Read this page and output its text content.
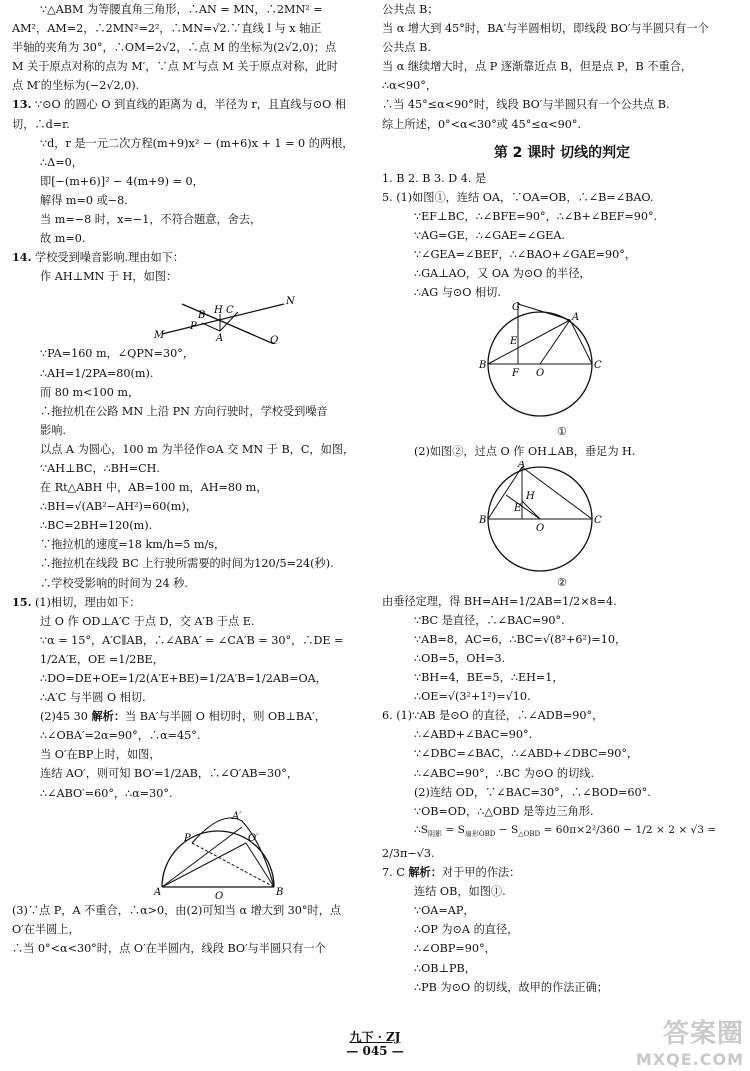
∵△ABM 为等腰直角三角形，∴AN = MN，∴2MN² =
AM²，AM=2，∴2MN²=2²，∴MN=√2.∵直线 l 与 x 轴正
半轴的夹角为 30°，∴OM=2√2，∴点 M 的坐标为(2√2,0)；点
M 关于原点对称的点为 M′，∵点 M′与点 M 关于原点对称，此时
点 M′的坐标为(−2√2,0).
13. ∵⊙O 的圆心 O 到直线的距离为 d，半径为 r，且直线与⊙O 相
切，∴d=r.
∵d，r 是一元二次方程(m+9)x² − (m+6)x + 1 = 0 的两根，
∴Δ=0，
即[−(m+6)]² − 4(m+9) = 0，
解得 m=0 或−8.
当 m=−8 时，x=−1，不符合题意，舍去，
故 m=0.
14. 学校受到噪音影响.理由如下：
作 AH⊥MN 于 H，如图：
M
N
P
B H C
A	Q
∵PA=160 m，∠QPN=30°，
∴AH=1/2PA=80(m).
而 80 m<100 m，
∴拖拉机在公路 MN 上沿 PN 方向行驶时，学校受到噪音
影响.
以点 A 为圆心，100 m 为半径作⊙A 交 MN 于 B，C，如图，
∵AH⊥BC，∴BH=CH.
在 Rt△ABH 中，AB=100 m，AH=80 m，
∴BH=√(AB²−AH²)=60(m)，
∴BC=2BH=120(m).
∵拖拉机的速度=18 km/h=5 m/s，
∴拖拉机在线段 BC 上行驶所需要的时间为120/5=24(秒).
∴学校受影响的时间为 24 秒.
15. (1)相切，理由如下：
过 O 作 OD⊥A′C 于点 D，交 A′B 于点 E.
∵α = 15°，A′C∥AB，∴∠ABA′ = ∠CA′B = 30°，∴DE =
1/2A′E，OE =1/2BE，
∴DO=DE+OE=1/2(A′E+BE)=1/2A′B=1/2AB=OA，
∴A′C 与半圆 O 相切.
(2)45 30 解析：当 BA′与半圆 O 相切时，则 OB⊥BA′，
∴∠OBA′=2α=90°，∴α=45°.
当 O′在BP上时，如图，
连结 AO′，则可知 BO′=1/2AB，∴∠O′AB=30°，
∴∠ABO′=60°，∴α=30°.
A′
O′
P
A	O	B
(3)∵点 P，A 不重合，∴α>0，由(2)可知当 α 增大到 30°时，点
O′在半圆上，
∴当 0°<α<30°时，点 O′在半圆内，线段 BO′与半圆只有一个
公共点 B；
当 α 增大到 45°时，BA′与半圆相切，即线段 BO′与半圆只有一个
公共点 B.
当 α 继续增大时，点 P 逐渐靠近点 B，但是点 P，B 不重合，
∴α<90°，
∴当 45°≤α<90°时，线段 BO′与半圆只有一个公共点 B.
综上所述，0°<α<30°或 45°≤α<90°.
第 2 课时 切线的判定
1. B 2. B 3. D 4. 是
5. (1)如图①，连结 OA，∵OA=OB，∴∠B=∠BAO.
∵EF⊥BC，∴∠BFE=90°，∴∠B+∠BEF=90°.
∵AG=GE，∴∠GAE=∠GEA.
∵∠GEA=∠BEF，∴∠BAO+∠GAE=90°，
∴GA⊥AO，又 OA 为⊙O 的半径，
∴AG 与⊙O 相切.
G
A
E
B
F O
C
①
(2)如图②，过点 O 作 OH⊥AB，垂足为 H.
A
H
E
B
O
C
②
由垂径定理，得 BH=AH=1/2AB=1/2×8=4.
∵BC 是直径，∴∠BAC=90°.
∵AB=8，AC=6，∴BC=√(8²+6²)=10，
∴OB=5，OH=3.
∵BH=4，BE=5，∴EH=1，
∴OE=√(3²+1²)=√10.
6. (1)∵AB 是⊙O 的直径，∴∠ADB=90°，
∴∠ABD+∠BAC=90°.
∵∠DBC=∠BAC，∴∠ABD+∠DBC=90°，
∴∠ABC=90°，∴BC 为⊙O 的切线.
(2)连结 OD，∵∠BAC=30°，∴∠BOD=60°.
∵OB=OD，∴△OBD 是等边三角形.
$\therefore S_{阴影} = S_{扇形OBD} - S_{\triangle OBD} = 60\pi\times 2^2/360 - 1/2 \times 2 \times √3$ =
2/3π−√3.
7. C 解析：对于甲的作法：
连结 OB，如图①.
∵OA=AP，
∴OP 为⊙A 的直径，
∴∠OBP=90°，
∴OB⊥PB，
∴PB 为⊙O 的切线，故甲的作法正确；
九下 · ZJ
— 045 —
答案圈
MXQE.COM
